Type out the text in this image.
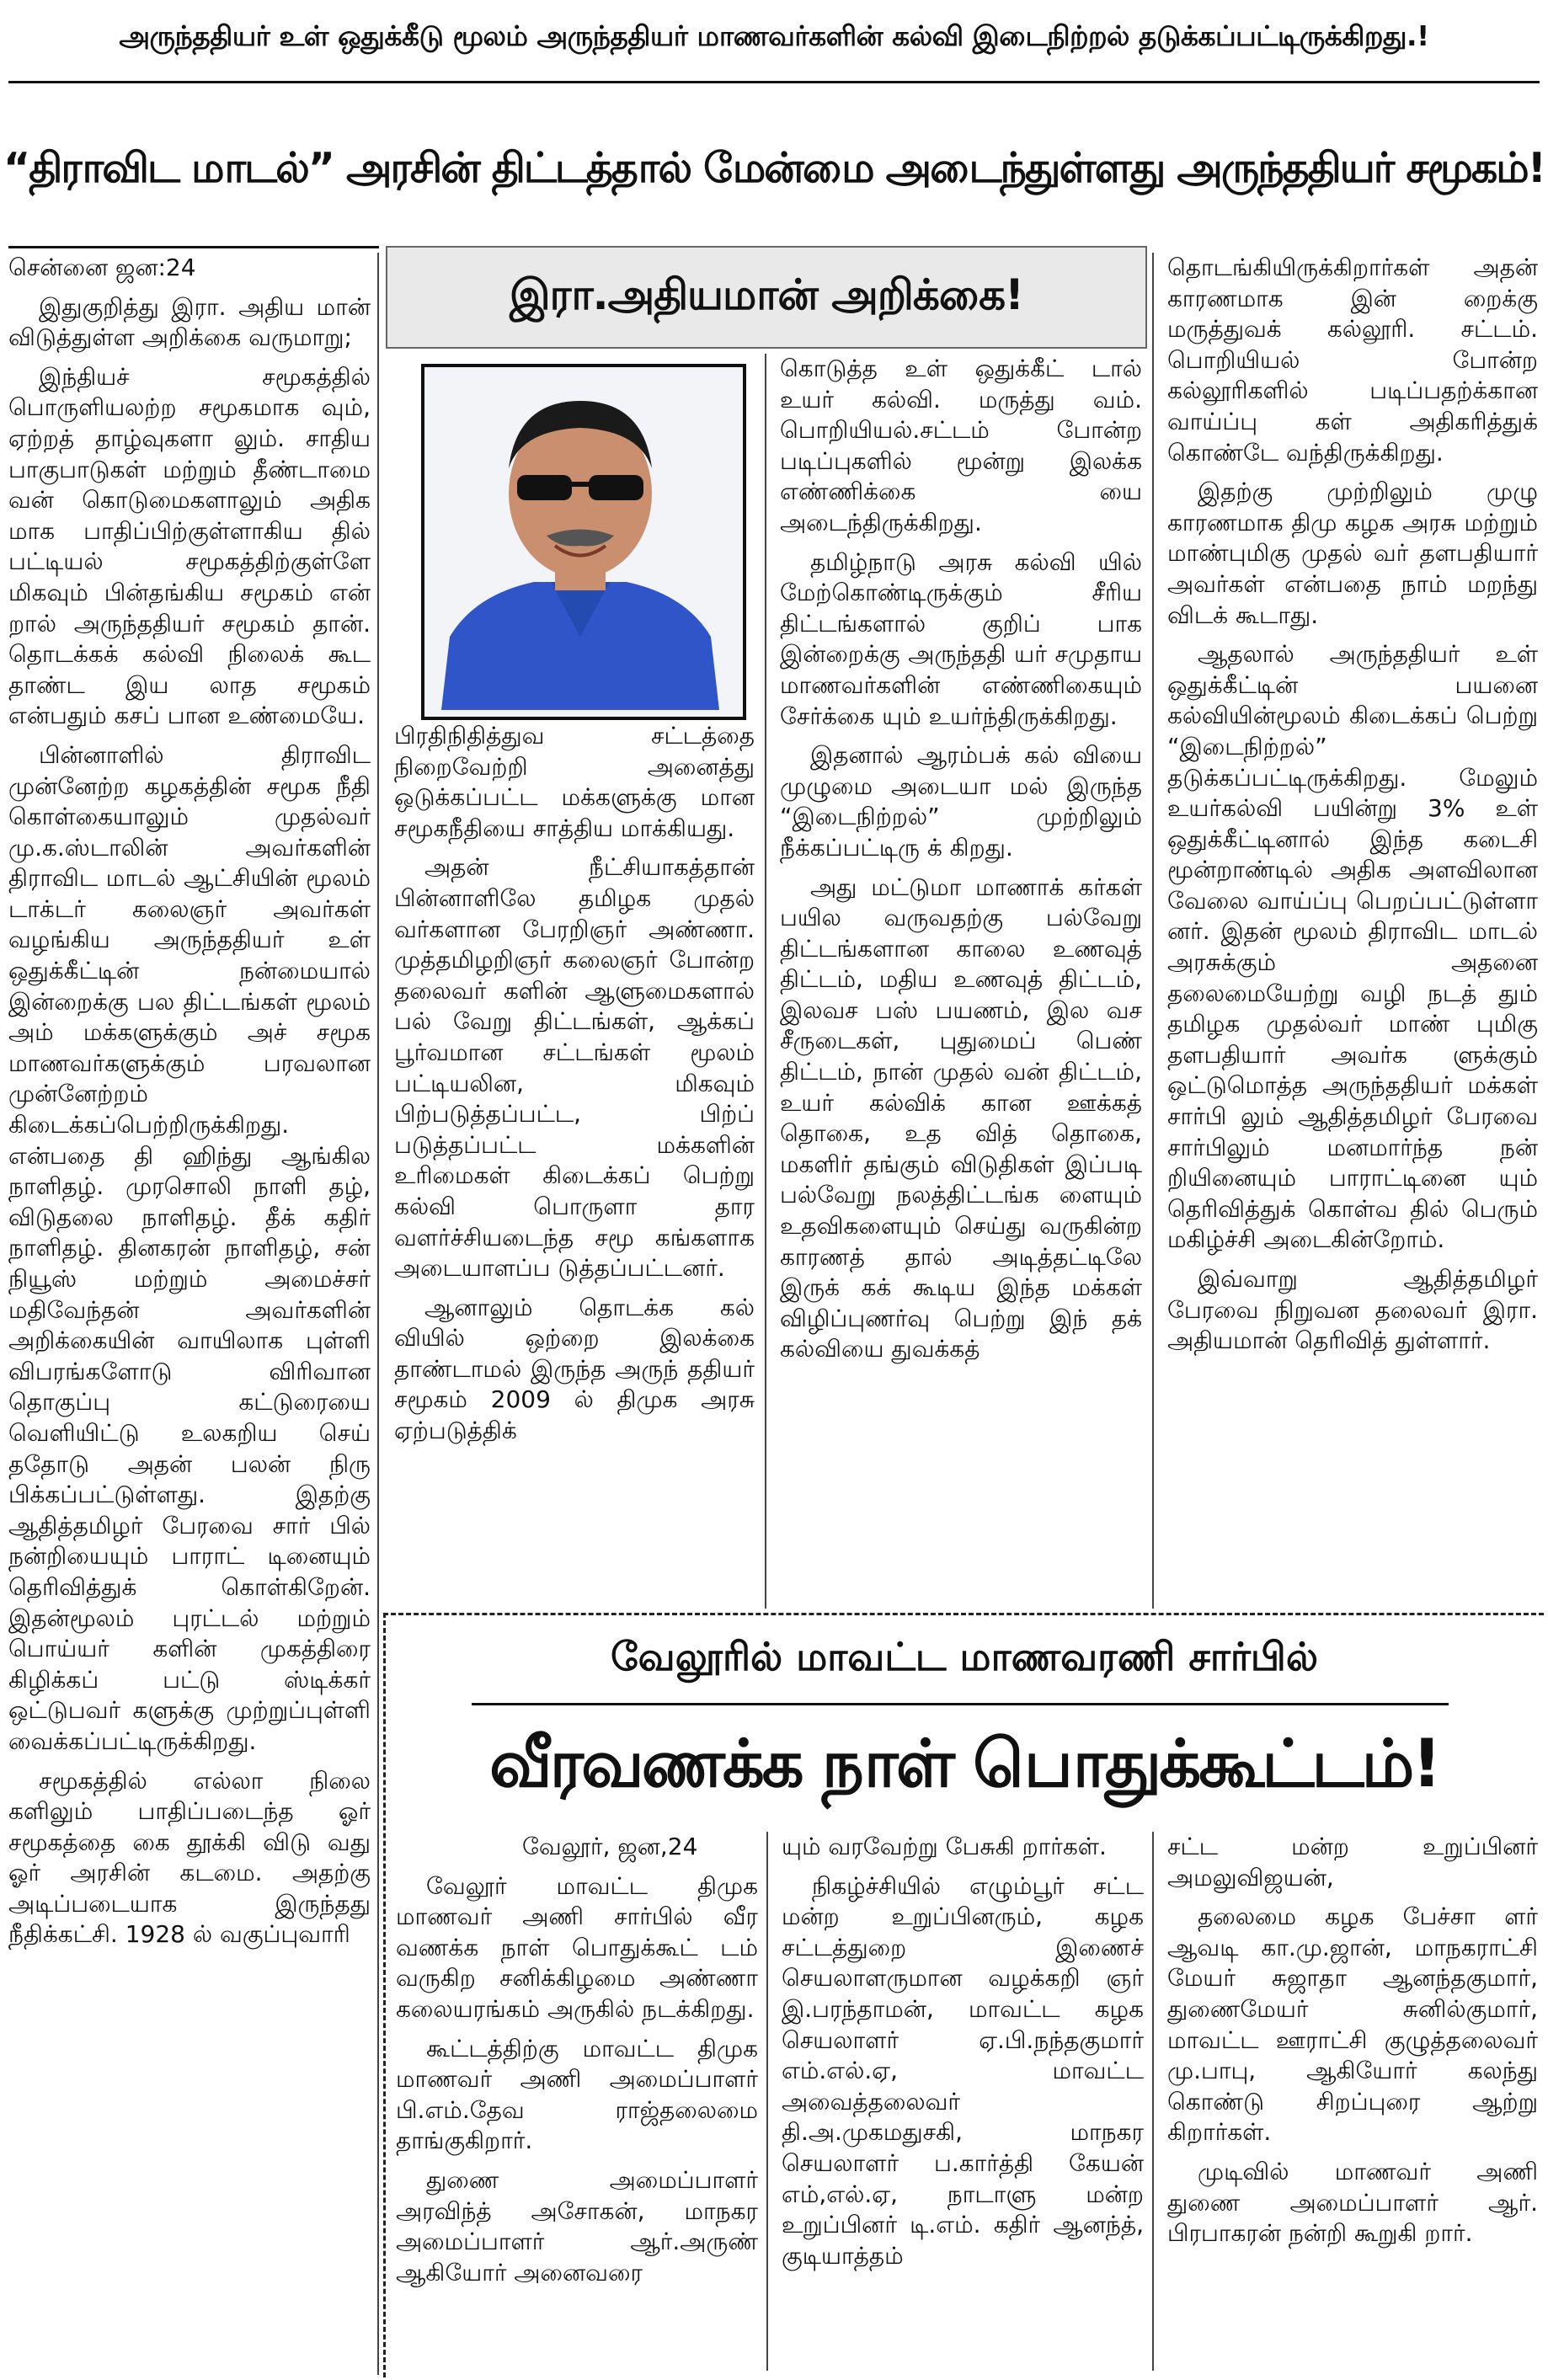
அருந்ததியர் உள் ஒதுக்கீடு மூலம் அருந்ததியர் மாணவர்களின் கல்வி இடைநிற்றல் தடுக்கப்பட்டிருக்கிறது.!
“திராவிட மாடல்” அரசின் திட்டத்தால் மேன்மை அடைந்துள்ளது அருந்ததியர் சமூகம்!

சென்னை ஜன:24

இதுகுறித்து இரா. அதிய மான் விடுத்துள்ள அறிக்கை வருமாறு;

இந்தியச் சமூகத்தில் பொருளியலற்ற சமூகமாக வும், ஏற்றத் தாழ்வுகளா லும். சாதிய பாகுபாடுகள் மற்றும் தீண்டாமை வன் கொடுமைகளாலும் அதிக மாக பாதிப்பிற்குள்ளாகிய தில் பட்டியல் சமூகத்திற்குள்ளே மிகவும் பின்தங்கிய சமூகம் என் றால் அருந்ததியர் சமூகம் தான். தொடக்கக் கல்வி நிலைக் கூட தாண்ட இய லாத சமூகம் என்பதும் கசப் பான உண்மையே.

பின்னாளில் திராவிட முன்னேற்ற கழகத்தின் சமூக நீதி கொள்கையாலும் முதல்வர் மு.க.ஸ்டாலின் அவர்களின் திராவிட மாடல் ஆட்சியின் மூலம் டாக்டர் கலைஞர் அவர்கள் வழங்கிய அருந்ததியர் உள் ஒதுக்கீட்டின் நன்மையால் இன்றைக்கு பல திட்டங்கள் மூலம் அம் மக்களுக்கும் அச் சமூக மாணவர்களுக்கும் பரவலான முன்னேற்றம் கிடைக்கப்பெற்றிருக்கிறது. என்பதை தி ஹிந்து ஆங்கில நாளிதழ். முரசொலி நாளி தழ், விடுதலை நாளிதழ். தீக் கதிர் நாளிதழ். தினகரன் நாளிதழ், சன் நியூஸ் மற்றும் அமைச்சர் மதிவேந்தன் அவர்களின் அறிக்கையின் வாயிலாக புள்ளி விபரங்களோடு விரிவான தொகுப்பு கட்டுரையை வெளியிட்டு உலகறிய செய் ததோடு அதன் பலன் நிரு பிக்கப்பட்டுள்ளது. இதற்கு ஆதித்தமிழர் பேரவை சார் பில் நன்றியையும் பாராட் டினையும் தெரிவித்துக் கொள்கிறேன். இதன்மூலம் புரட்டல் மற்றும் பொய்யர் களின் முகத்திரை கிழிக்கப் பட்டு ஸ்டிக்கர் ஒட்டுபவர் களுக்கு முற்றுப்புள்ளி வைக்கப்பட்டிருக்கிறது.

சமூகத்தில் எல்லா நிலை களிலும் பாதிப்படைந்த ஓர் சமூகத்தை கை தூக்கி விடு வது ஓர் அரசின் கடமை. அதற்கு அடிப்படையாக இருந்தது நீதிக்கட்சி. 1928 ல் வகுப்புவாரி

இரா.அதியமான் அறிக்கை!

பிரதிநிதித்துவ சட்டத்தை நிறைவேற்றி அனைத்து ஒடுக்கப்பட்ட மக்களுக்கு மான சமூகநீதியை சாத்திய மாக்கியது.

அதன் நீட்சியாகத்தான் பின்னாளிலே தமிழக முதல் வர்களான பேரறிஞர் அண்ணா. முத்தமிழறிஞர் கலைஞர் போன்ற தலைவர் களின் ஆளுமைகளால் பல் வேறு திட்டங்கள், ஆக்கப் பூர்வமான சட்டங்கள் மூலம் பட்டியலின, மிகவும் பிற்படுத்தப்பட்ட, பிற்ப் படுத்தப்பட்ட மக்களின் உரிமைகள் கிடைக்கப் பெற்று கல்வி பொருளா தார வளர்ச்சியடைந்த சமூ கங்களாக அடையாளப்ப டுத்தப்பட்டனர்.

ஆனாலும் தொடக்க கல் வியில் ஒற்றை இலக்கை தாண்டாமல் இருந்த அருந் ததியர் சமூகம் 2009 ல் திமுக அரசு ஏற்படுத்திக்

கொடுத்த உள் ஒதுக்கீட் டால் உயர் கல்வி. மருத்து வம். பொறியியல்.சட்டம் போன்ற படிப்புகளில் மூன்று இலக்க எண்ணிக்கை யை அடைந்திருக்கிறது.

தமிழ்நாடு அரசு கல்வி யில் மேற்கொண்டிருக்கும் சீரிய திட்டங்களால் குறிப் பாக இன்றைக்கு அருந்ததி யர் சமுதாய மாணவர்களின் எண்ணிகையும் சேர்க்கை யும் உயர்ந்திருக்கிறது.

இதனால் ஆரம்பக் கல் வியை முழுமை அடையா மல் இருந்த “இடைநிற்றல்” முற்றிலும் நீக்கப்பட்டிரு க் கிறது.

அது மட்டுமா மாணாக் கர்கள் பயில வருவதற்கு பல்வேறு திட்டங்களான காலை உணவுத் திட்டம், மதிய உணவுத் திட்டம், இலவச பஸ் பயணம், இல வச சீருடைகள், புதுமைப் பெண் திட்டம், நான் முதல் வன் திட்டம், உயர் கல்விக் கான ஊக்கத் தொகை, உத வித் தொகை, மகளிர் தங்கும் விடுதிகள் இப்படி பல்வேறு நலத்திட்டங்க ளையும் உதவிகளையும் செய்து வருகின்ற காரணத் தால் அடித்தட்டிலே இருக் கக் கூடிய இந்த மக்கள் விழிப்புணர்வு பெற்று இந் தக் கல்வியை துவக்கத்

தொடங்கியிருக்கிறார்கள் அதன் காரணமாக இன் றைக்கு மருத்துவக் கல்லூரி. சட்டம். பொறியியல் போன்ற கல்லூரிகளில் படிப்பதற்க்கான வாய்ப்பு கள் அதிகரித்துக் கொண்டே வந்திருக்கிறது.

இதற்கு முற்றிலும் முழு காரணமாக திமு கழக அரசு மற்றும் மாண்புமிகு முதல் வர் தளபதியார் அவர்கள் என்பதை நாம் மறந்து விடக் கூடாது.

ஆதலால் அருந்ததியர் உள் ஒதுக்கீட்டின் பயனை கல்வியின்மூலம் கிடைக்கப் பெற்று “இடைநிற்றல்” தடுக்கப்பட்டிருக்கிறது. மேலும் உயர்கல்வி பயின்று 3% உள் ஒதுக்கீட்டினால் இந்த கடைசி மூன்றாண்டில் அதிக அளவிலான வேலை வாய்ப்பு பெறப்பட்டுள்ளா னர். இதன் மூலம் திராவிட மாடல் அரசுக்கும் அதனை தலைமையேற்று வழி நடத் தும் தமிழக முதல்வர் மாண் புமிகு தளபதியார் அவர்க ளுக்கும் ஒட்டுமொத்த அருந்ததியர் மக்கள் சார்பி லும் ஆதித்தமிழர் பேரவை சார்பிலும் மனமார்ந்த நன் றியினையும் பாராட்டினை யும் தெரிவித்துக் கொள்வ தில் பெரும் மகிழ்ச்சி அடைகின்றோம்.

இவ்வாறு ஆதித்தமிழர் பேரவை நிறுவன தலைவர் இரா. அதியமான் தெரிவித் துள்ளார்.

வேலூரில் மாவட்ட மாணவரணி சார்பில்
வீரவணக்க நாள் பொதுக்கூட்டம்!

வேலூர், ஜன,24

வேலூர் மாவட்ட திமுக மாணவர் அணி சார்பில் வீர வணக்க நாள் பொதுக்கூட் டம் வருகிற சனிக்கிழமை அண்ணா கலையரங்கம் அருகில் நடக்கிறது.

கூட்டத்திற்கு மாவட்ட திமுக மாணவர் அணி அமைப்பாளர் பி.எம்.தேவ ராஜ்தலைமை தாங்குகிறார்.

துணை அமைப்பாளர் அரவிந்த் அசோகன், மாநகர அமைப்பாளர் ஆர்.அருண் ஆகியோர் அனைவரை

யும் வரவேற்று பேசுகி றார்கள்.

நிகழ்ச்சியில் எழும்பூர் சட்ட மன்ற உறுப்பினரும், கழக சட்டத்துறை இணைச் செயலாளருமான வழக்கறி ஞர் இ.பரந்தாமன், மாவட்ட கழக செயலாளர் ஏ.பி.நந்தகுமார் எம்.எல்.ஏ, மாவட்ட அவைத்தலைவர் தி.அ.முகமதுசகி, மாநகர செயலாளர் ப.கார்த்தி கேயன் எம்,எல்.ஏ, நாடாளு மன்ற உறுப்பினர் டி.எம். கதிர் ஆனந்த், குடியாத்தம்

சட்ட மன்ற உறுப்பினர் அமலுவிஜயன்,

தலைமை கழக பேச்சா ளர் ஆவடி கா.மு.ஜான், மாநகராட்சி மேயர் சுஜாதா ஆனந்தகுமார், துணைமேயர் சுனில்குமார், மாவட்ட ஊராட்சி குழுத்தலைவர் மு.பாபு, ஆகியோர் கலந்து கொண்டு சிறப்புரை ஆற்று கிறார்கள்.

முடிவில் மாணவர் அணி துணை அமைப்பாளர் ஆர். பிரபாகரன் நன்றி கூறுகி றார்.
